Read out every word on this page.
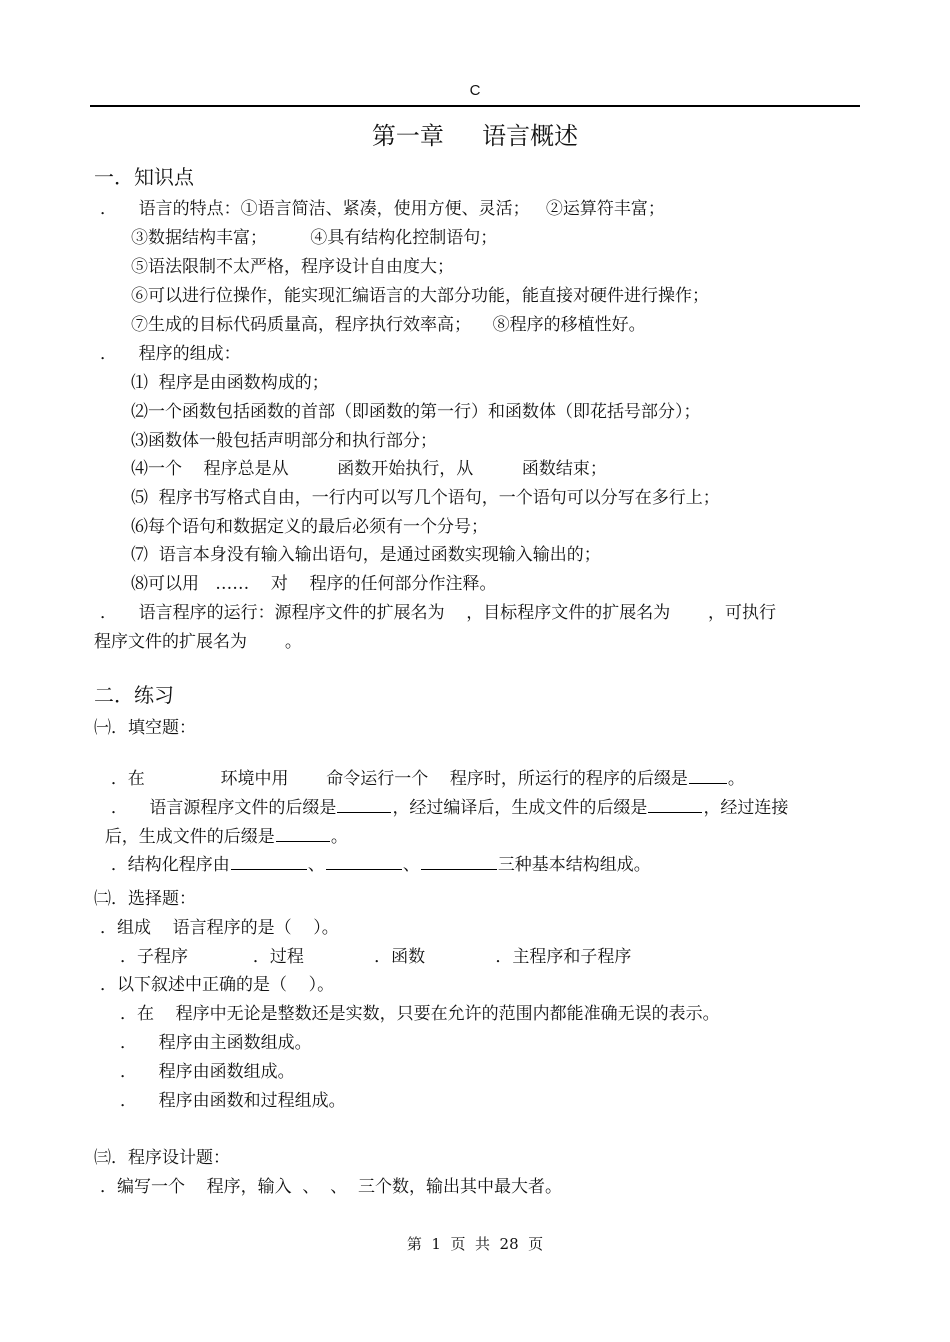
C
第一章     语言概述
一．知识点
．    语言的特点：①语言简洁、紧凑，使用方便、灵活；   ②运算符丰富；
③数据结构丰富；        ④具有结构化控制语句；
⑤语法限制不太严格，程序设计自由度大；
⑥可以进行位操作，能实现汇编语言的大部分功能，能直接对硬件进行操作；
⑦生成的目标代码质量高，程序执行效率高；    ⑧程序的移植性好。
．    程序的组成：
⑴  程序是由函数构成的；
⑵一个函数包括函数的首部（即函数的第一行）和函数体（即花括号部分）；
⑶函数体一般包括声明部分和执行部分；
⑷一个    程序总是从         函数开始执行，从         函数结束；
⑸  程序书写格式自由，一行内可以写几个语句，一个语句可以分写在多行上；
⑹每个语句和数据定义的最后必须有一个分号；
⑺  语言本身没有输入输出语句，是通过函数实现输入输出的；
⑻可以用   ……    对    程序的任何部分作注释。
．    语言程序的运行：源程序文件的扩展名为    ，目标程序文件的扩展名为       ，可执行
程序文件的扩展名为       。
二．练习
㈠．填空题：

．在              环境中用       命令运行一个    程序时，所运行的程序的后缀是 。

．    语言源程序文件的后缀是	，经过编译后，生成文件的后缀是	，经过连接

后，生成文件的后缀是	。

．结构化程序由	、	、	三种基本结构组成。

㈡．选择题：
．组成    语言程序的是（    ）。
．子程序            ．过程             ．函数             ．主程序和子程序
．以下叙述中正确的是（    ）。
．在    程序中无论是整数还是实数，只要在允许的范围内都能准确无误的表示。
．    程序由主函数组成。
．    程序由函数组成。
．    程序由函数和过程组成。
㈢．程序设计题：
．编写一个    程序，输入  、  、  三个数，输出其中最大者。
第  1  页  共  28  页
